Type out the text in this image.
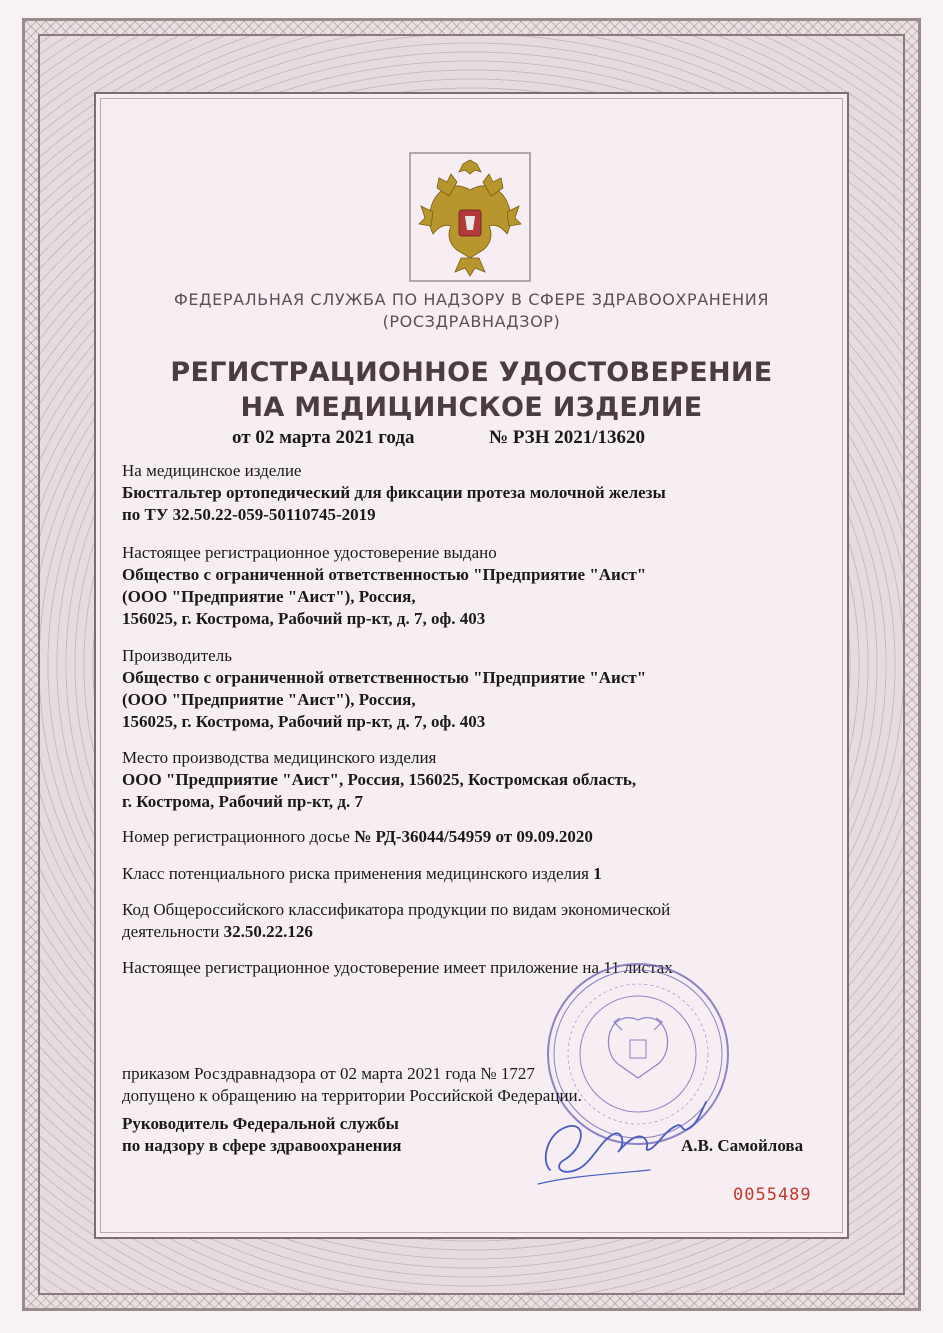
ФЕДЕРАЛЬНАЯ СЛУЖБА ПО НАДЗОРУ В СФЕРЕ ЗДРАВООХРАНЕНИЯ
(РОСЗДРАВНАДЗОР)
РЕГИСТРАЦИОННОЕ УДОСТОВЕРЕНИЕ
НА МЕДИЦИНСКОЕ ИЗДЕЛИЕ
от 02 марта 2021 года	№ РЗН 2021/13620
На медицинское изделие
Бюстгальтер ортопедический для фиксации протеза молочной железы
по ТУ 32.50.22-059-50110745-2019
Настоящее регистрационное удостоверение выдано
Общество с ограниченной ответственностью "Предприятие "Аист"
(ООО "Предприятие "Аист"), Россия,
156025, г. Кострома, Рабочий пр-кт, д. 7, оф. 403
Производитель
Общество с ограниченной ответственностью "Предприятие "Аист"
(ООО "Предприятие "Аист"), Россия,
156025, г. Кострома, Рабочий пр-кт, д. 7, оф. 403
Место производства медицинского изделия
ООО "Предприятие "Аист", Россия, 156025, Костромская область,
г. Кострома, Рабочий пр-кт, д. 7
Номер регистрационного досье № РД-36044/54959 от 09.09.2020
Класс потенциального риска применения медицинского изделия 1
Код Общероссийского классификатора продукции по видам экономической
деятельности 32.50.22.126
Настоящее регистрационное удостоверение имеет приложение на 11 листах
приказом Росздравнадзора от 02 марта 2021 года № 1727
допущено к обращению на территории Российской Федерации.
Руководитель Федеральной службы
по надзору в сфере здравоохранения	А.В. Самойлова
0055489
